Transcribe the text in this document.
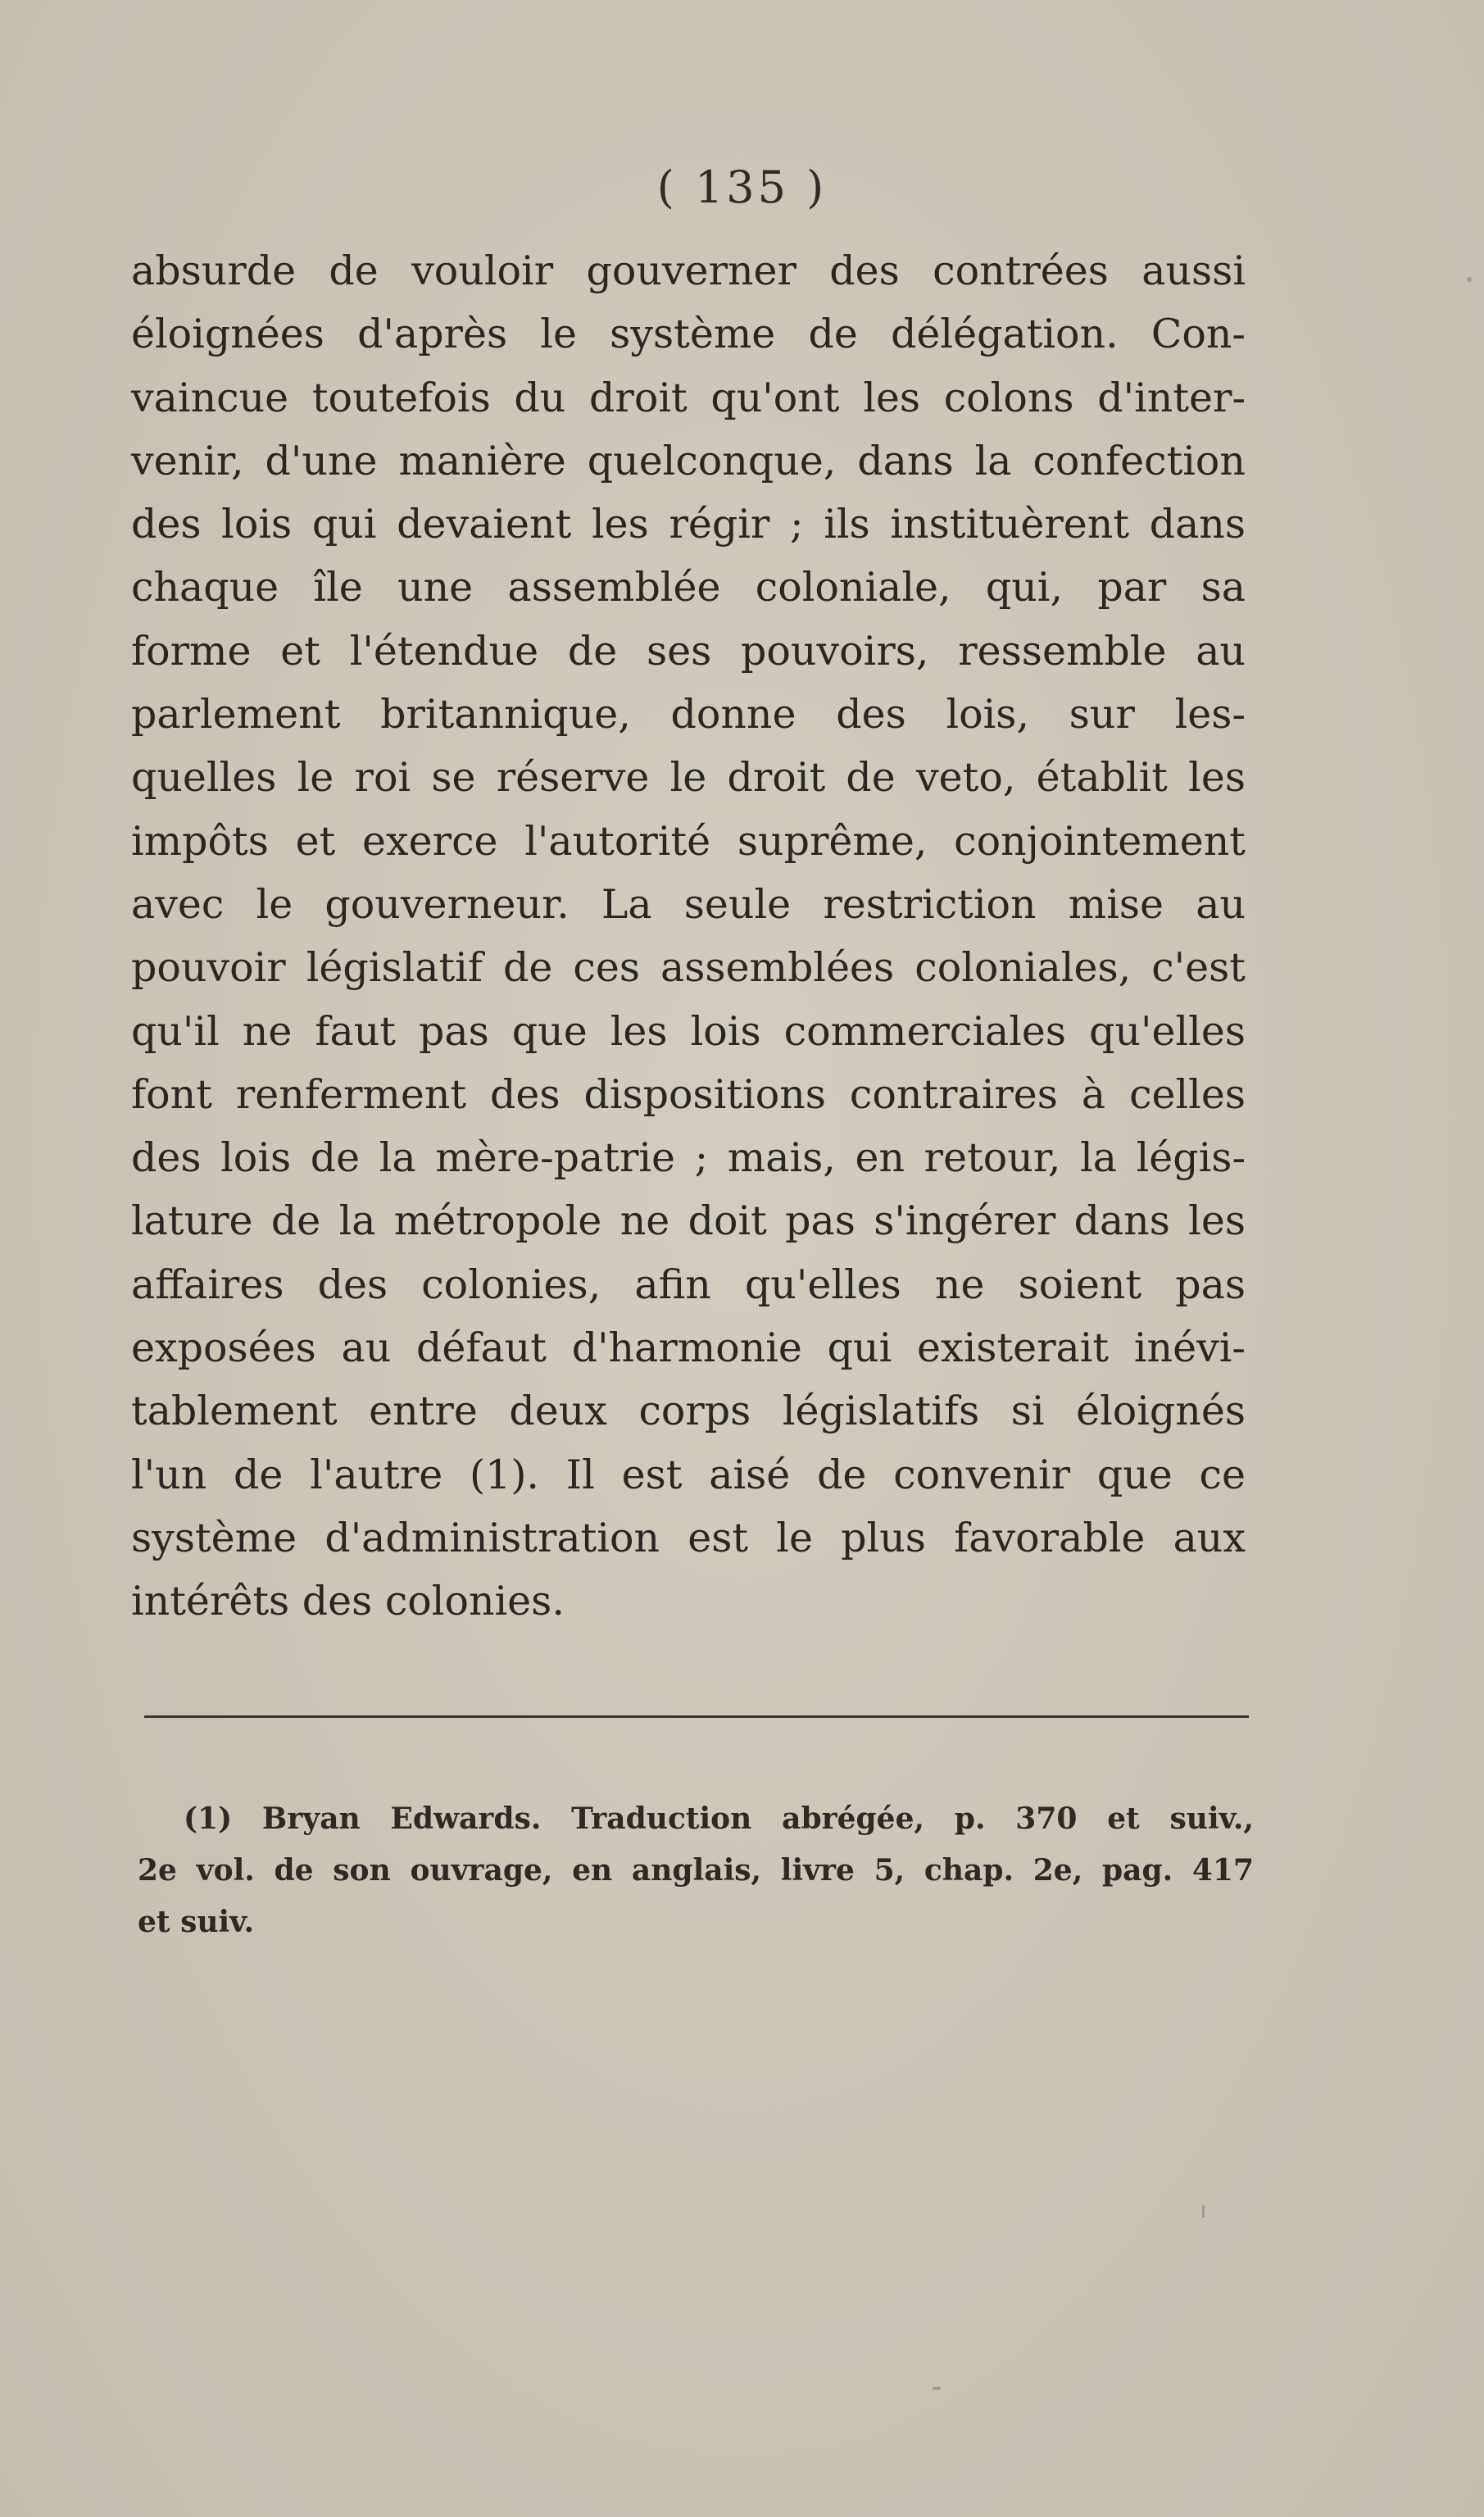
( 135 )
absurde de vouloir gouverner des contrées aussi
éloignées d'après le système de délégation. Con-
vaincue toutefois du droit qu'ont les colons d'inter-
venir, d'une manière quelconque, dans la confection
des lois qui devaient les régir ; ils instituèrent dans
chaque île une assemblée coloniale, qui, par sa
forme et l'étendue de ses pouvoirs, ressemble au
parlement britannique, donne des lois, sur les-
quelles le roi se réserve le droit de veto, établit les
impôts et exerce l'autorité suprême, conjointement
avec le gouverneur. La seule restriction mise au
pouvoir législatif de ces assemblées coloniales, c'est
qu'il ne faut pas que les lois commerciales qu'elles
font renferment des dispositions contraires à celles
des lois de la mère-patrie ; mais, en retour, la légis-
lature de la métropole ne doit pas s'ingérer dans les
affaires des colonies, afin qu'elles ne soient pas
exposées au défaut d'harmonie qui existerait inévi-
tablement entre deux corps législatifs si éloignés
l'un de l'autre (1). Il est aisé de convenir que ce
système d'administration est le plus favorable aux
intérêts des colonies.
(1) Bryan Edwards. Traduction abrégée, p. 370 et suiv.,
2e vol. de son ouvrage, en anglais, livre 5, chap. 2e, pag. 417
et suiv.
